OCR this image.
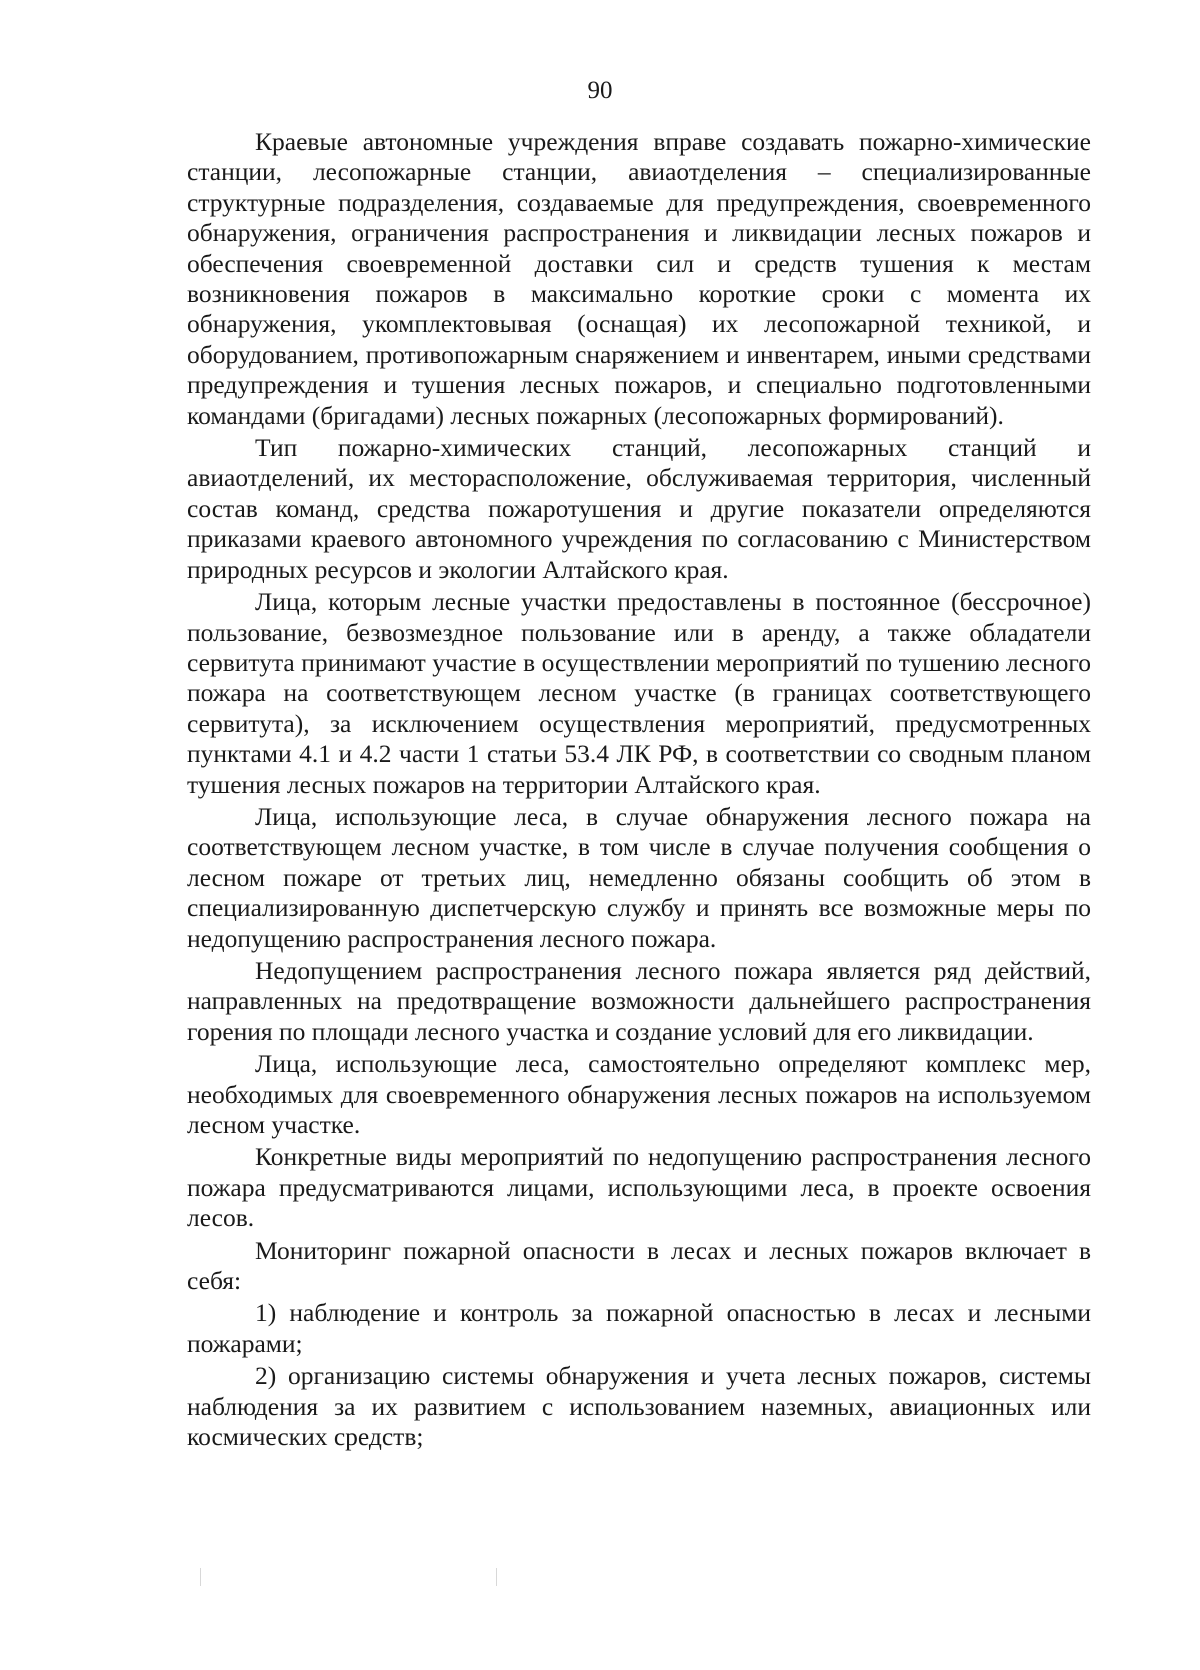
90

Краевые автономные учреждения вправе создавать пожарно-химические станции, лесопожарные станции, авиаотделения – специализированные структурные подразделения, создаваемые для предупреждения, своевременного обнаружения, ограничения распространения и ликвидации лесных пожаров и обеспечения своевременной доставки сил и средств тушения к местам возникновения пожаров в максимально короткие сроки с момента их обнаружения, укомплектовывая (оснащая) их лесопожарной техникой, и оборудованием, противопожарным снаряжением и инвентарем, иными средствами предупреждения и тушения лесных пожаров, и специально подготовленными командами (бригадами) лесных пожарных (лесопожарных формирований).

Тип пожарно-химических станций, лесопожарных станций и авиаотделений, их месторасположение, обслуживаемая территория, численный состав команд, средства пожаротушения и другие показатели определяются приказами краевого автономного учреждения по согласованию с Министерством природных ресурсов и экологии Алтайского края.

Лица, которым лесные участки предоставлены в постоянное (бессрочное) пользование, безвозмездное пользование или в аренду, а также обладатели сервитута принимают участие в осуществлении мероприятий по тушению лесного пожара на соответствующем лесном участке (в границах соответствующего сервитута), за исключением осуществления мероприятий, предусмотренных пунктами 4.1 и 4.2 части 1 статьи 53.4 ЛК РФ, в соответствии со сводным планом тушения лесных пожаров на территории Алтайского края.

Лица, использующие леса, в случае обнаружения лесного пожара на соответствующем лесном участке, в том числе в случае получения сообщения о лесном пожаре от третьих лиц, немедленно обязаны сообщить об этом в специализированную диспетчерскую службу и принять все возможные меры по недопущению распространения лесного пожара.

Недопущением распространения лесного пожара является ряд действий, направленных на предотвращение возможности дальнейшего распространения горения по площади лесного участка и создание условий для его ликвидации.

Лица, использующие леса, самостоятельно определяют комплекс мер, необходимых для своевременного обнаружения лесных пожаров на используемом лесном участке.

Конкретные виды мероприятий по недопущению распространения лесного пожара предусматриваются лицами, использующими леса, в проекте освоения лесов.

Мониторинг пожарной опасности в лесах и лесных пожаров включает в себя:

1) наблюдение и контроль за пожарной опасностью в лесах и лесными пожарами;

2) организацию системы обнаружения и учета лесных пожаров, системы наблюдения за их развитием с использованием наземных, авиационных или космических средств;
